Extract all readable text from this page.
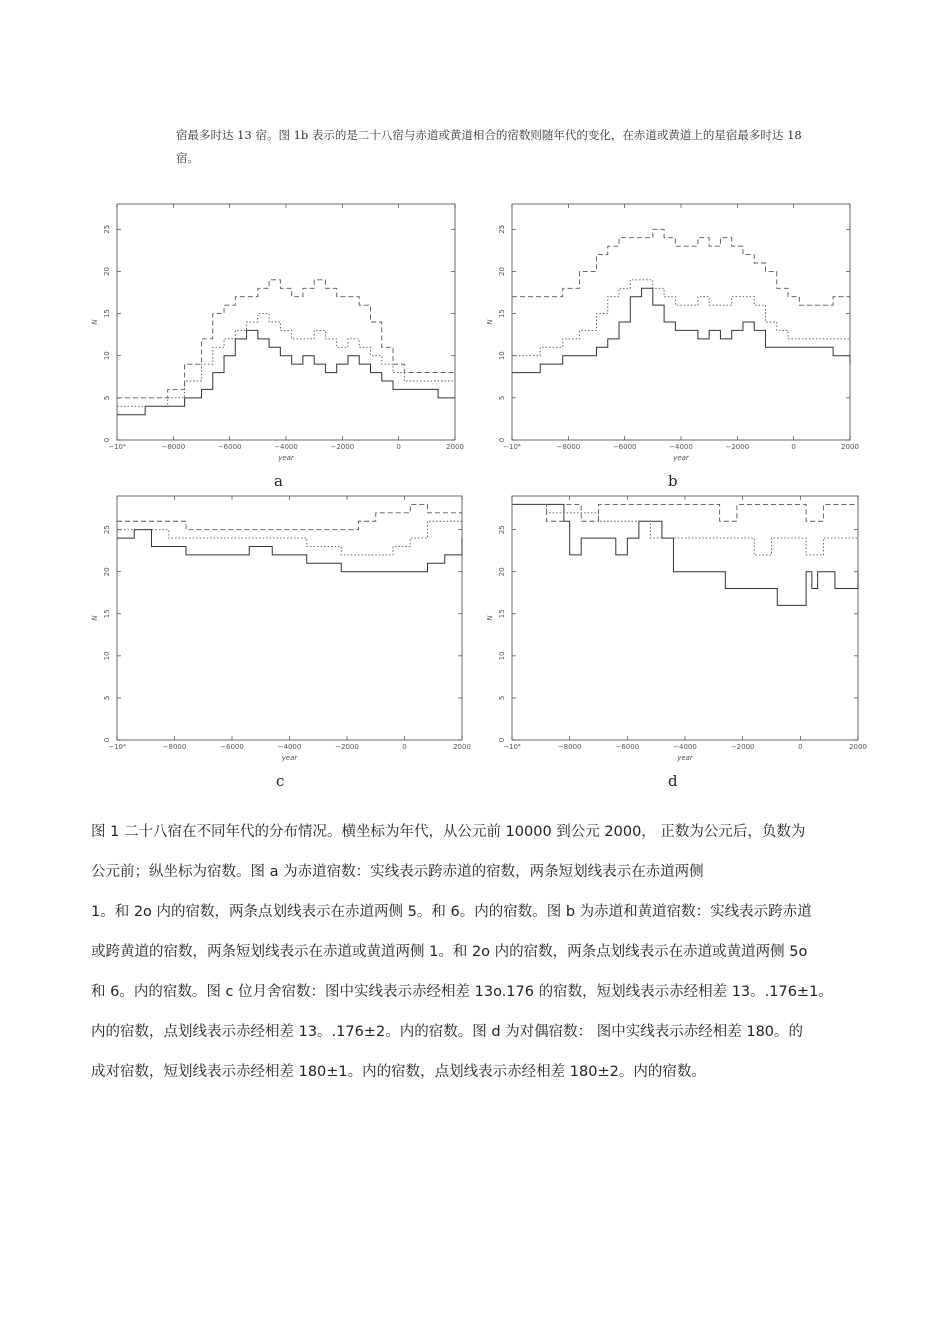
宿最多时达 13 宿。图 1b 表示的是二十八宿与赤道或黄道相合的宿数则随年代的变化，在赤道或黄道上的星宿最多时达 18
宿。
−10⁴	−8000	−6000	−4000	−2000	0	2000
0
5
10
15
20
25
year
N
a
−10⁴	−8000	−6000	−4000	−2000	0	2000
0
5
10
15
20
25
year
N
b
−10⁴	−8000	−6000	−4000	−2000	0	2000
0
5
10
15
20
25
year
N
c
−10⁴	−8000	−6000	−4000	−2000	0	2000
0
5
10
15
20
25
year
N
d

图 1 二十八宿在不同年代的分布情况。横坐标为年代，从公元前 10000 到公元 2000， 正数为公元后，负数为

公元前；纵坐标为宿数。图 a 为赤道宿数：实线表示跨赤道的宿数，两条短划线表示在赤道两侧

1。和 2o 内的宿数，两条点划线表示在赤道两侧 5。和 6。内的宿数。图 b 为赤道和黄道宿数：实线表示跨赤道

或跨黄道的宿数，两条短划线表示在赤道或黄道两侧 1。和 2o 内的宿数，两条点划线表示在赤道或黄道两侧 5o

和 6。内的宿数。图 c 位月舍宿数：图中实线表示赤经相差 13o.176 的宿数，短划线表示赤经相差 13。.176±1。

内的宿数，点划线表示赤经相差 13。.176±2。内的宿数。图 d 为对偶宿数： 图中实线表示赤经相差 180。的

成对宿数，短划线表示赤经相差 180±1。内的宿数，点划线表示赤经相差 180±2。内的宿数。
